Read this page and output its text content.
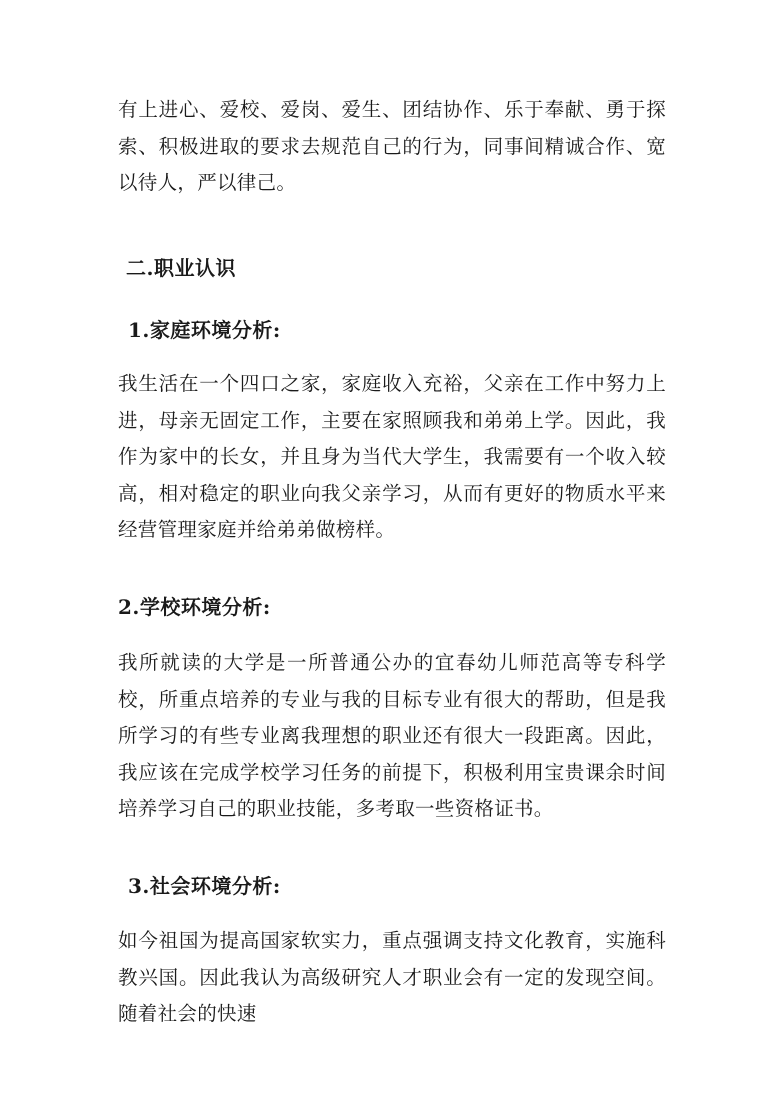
有上进心、爱校、爱岗、爱生、团结协作、乐于奉献、勇于探索、积极进取的要求去规范自己的行为，同事间精诚合作、宽以待人，严以律己。

二.职业认识
1.家庭环境分析:

我生活在一个四口之家，家庭收入充裕，父亲在工作中努力上进，母亲无固定工作，主要在家照顾我和弟弟上学。因此，我作为家中的长女，并且身为当代大学生，我需要有一个收入较高，相对稳定的职业向我父亲学习，从而有更好的物质水平来经营管理家庭并给弟弟做榜样。

2.学校环境分析:

我所就读的大学是一所普通公办的宜春幼儿师范高等专科学校，所重点培养的专业与我的目标专业有很大的帮助，但是我所学习的有些专业离我理想的职业还有很大一段距离。因此，我应该在完成学校学习任务的前提下，积极利用宝贵课余时间培养学习自己的职业技能，多考取一些资格证书。

3.社会环境分析:

如今祖国为提高国家软实力，重点强调支持文化教育，实施科教兴国。因此我认为高级研究人才职业会有一定的发现空间。随着社会的快速
